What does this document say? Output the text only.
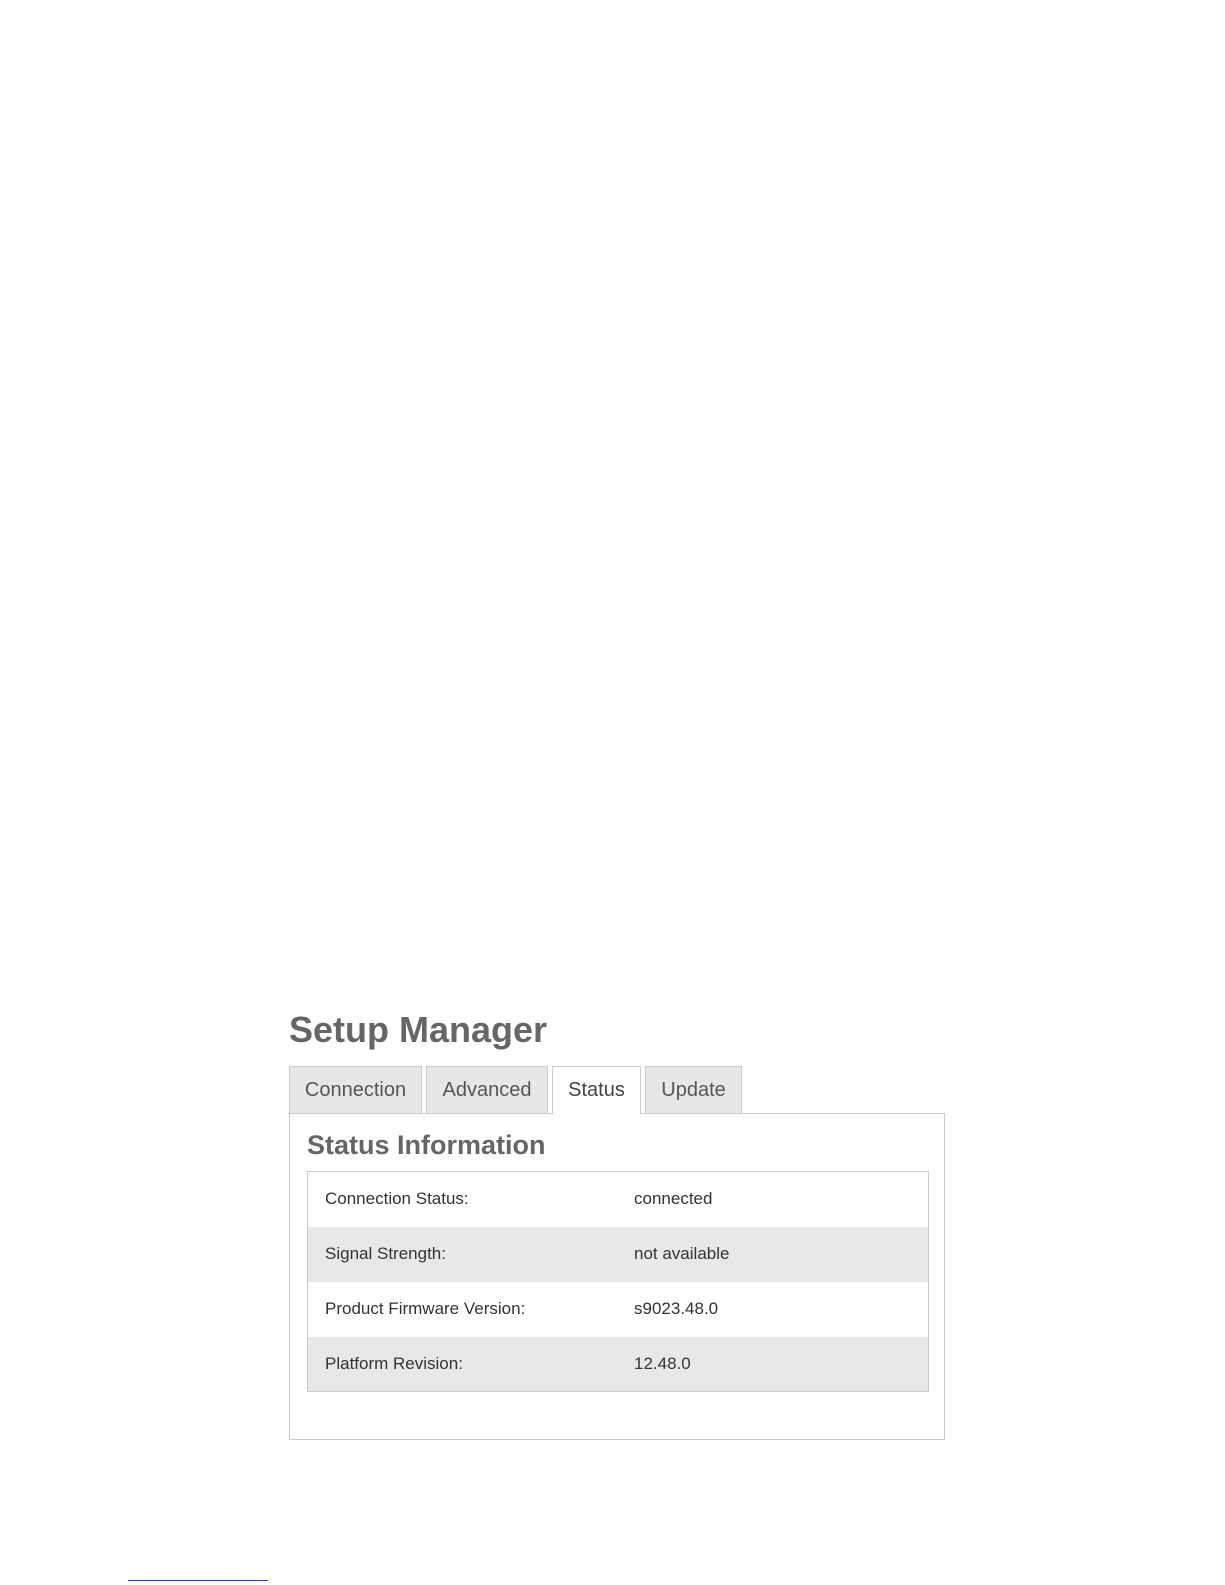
Setup Manager
Connection	Advanced	Status	Update
Status Information
Connection Status:	connected
Signal Strength:	not available
Product Firmware Version:	s9023.48.0
Platform Revision:	12.48.0
